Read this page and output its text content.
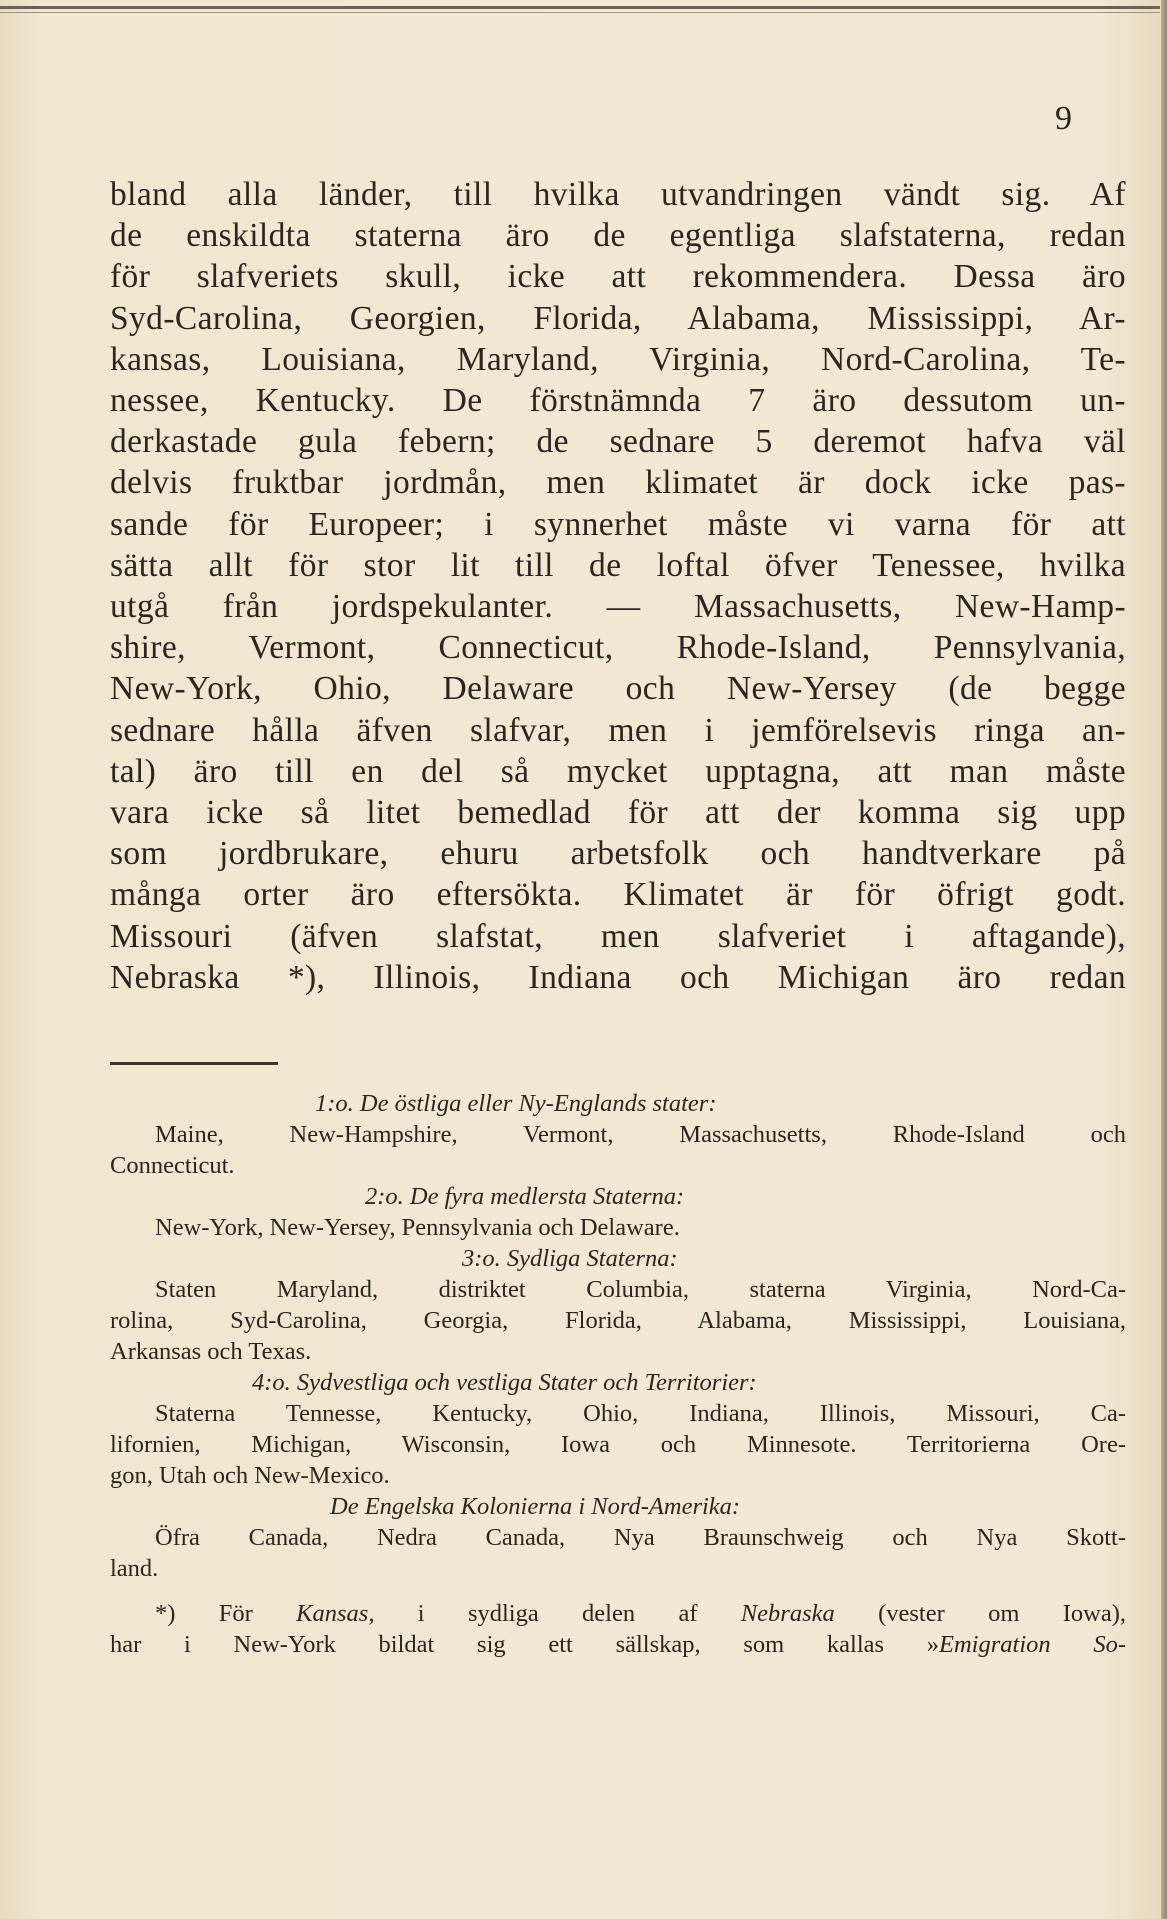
9
bland alla länder, till hvilka utvandringen vändt sig. Af
de enskildta staterna äro de egentliga slafstaterna, redan
för slafveriets skull, icke att rekommendera. Dessa äro
Syd-Carolina, Georgien, Florida, Alabama, Mississippi, Ar-
kansas, Louisiana, Maryland, Virginia, Nord-Carolina, Te-
nessee, Kentucky. De förstnämnda 7 äro dessutom un-
derkastade gula febern; de sednare 5 deremot hafva väl
delvis fruktbar jordmån, men klimatet är dock icke pas-
sande för Europeer; i synnerhet måste vi varna för att
sätta allt för stor lit till de loftal öfver Tenessee, hvilka
utgå från jordspekulanter. — Massachusetts, New-Hamp-
shire, Vermont, Connecticut, Rhode-Island, Pennsylvania,
New-York, Ohio, Delaware och New-Yersey (de begge
sednare hålla äfven slafvar, men i jemförelsevis ringa an-
tal) äro till en del så mycket upptagna, att man måste
vara icke så litet bemedlad för att der komma sig upp
som jordbrukare, ehuru arbetsfolk och handtverkare på
många orter äro eftersökta. Klimatet är för öfrigt godt.
Missouri (äfven slafstat, men slafveriet i aftagande),
Nebraska *), Illinois, Indiana och Michigan äro redan
1:o. De östliga eller Ny-Englands stater:
Maine, New-Hampshire, Vermont, Massachusetts, Rhode-Island och
Connecticut.
2:o. De fyra medlersta Staterna:
New-York, New-Yersey, Pennsylvania och Delaware.
3:o. Sydliga Staterna:
Staten Maryland, distriktet Columbia, staterna Virginia, Nord-Ca-
rolina, Syd-Carolina, Georgia, Florida, Alabama, Mississippi, Louisiana,
Arkansas och Texas.
4:o. Sydvestliga och vestliga Stater och Territorier:
Staterna Tennesse, Kentucky, Ohio, Indiana, Illinois, Missouri, Ca-
lifornien, Michigan, Wisconsin, Iowa och Minnesote. Territorierna Ore-
gon, Utah och New-Mexico.
De Engelska Kolonierna i Nord-Amerika:
Öfra Canada, Nedra Canada, Nya Braunschweig och Nya Skott-
land.
*) För Kansas, i sydliga delen af Nebraska (vester om Iowa),
har i New-York bildat sig ett sällskap, som kallas »Emigration So-
